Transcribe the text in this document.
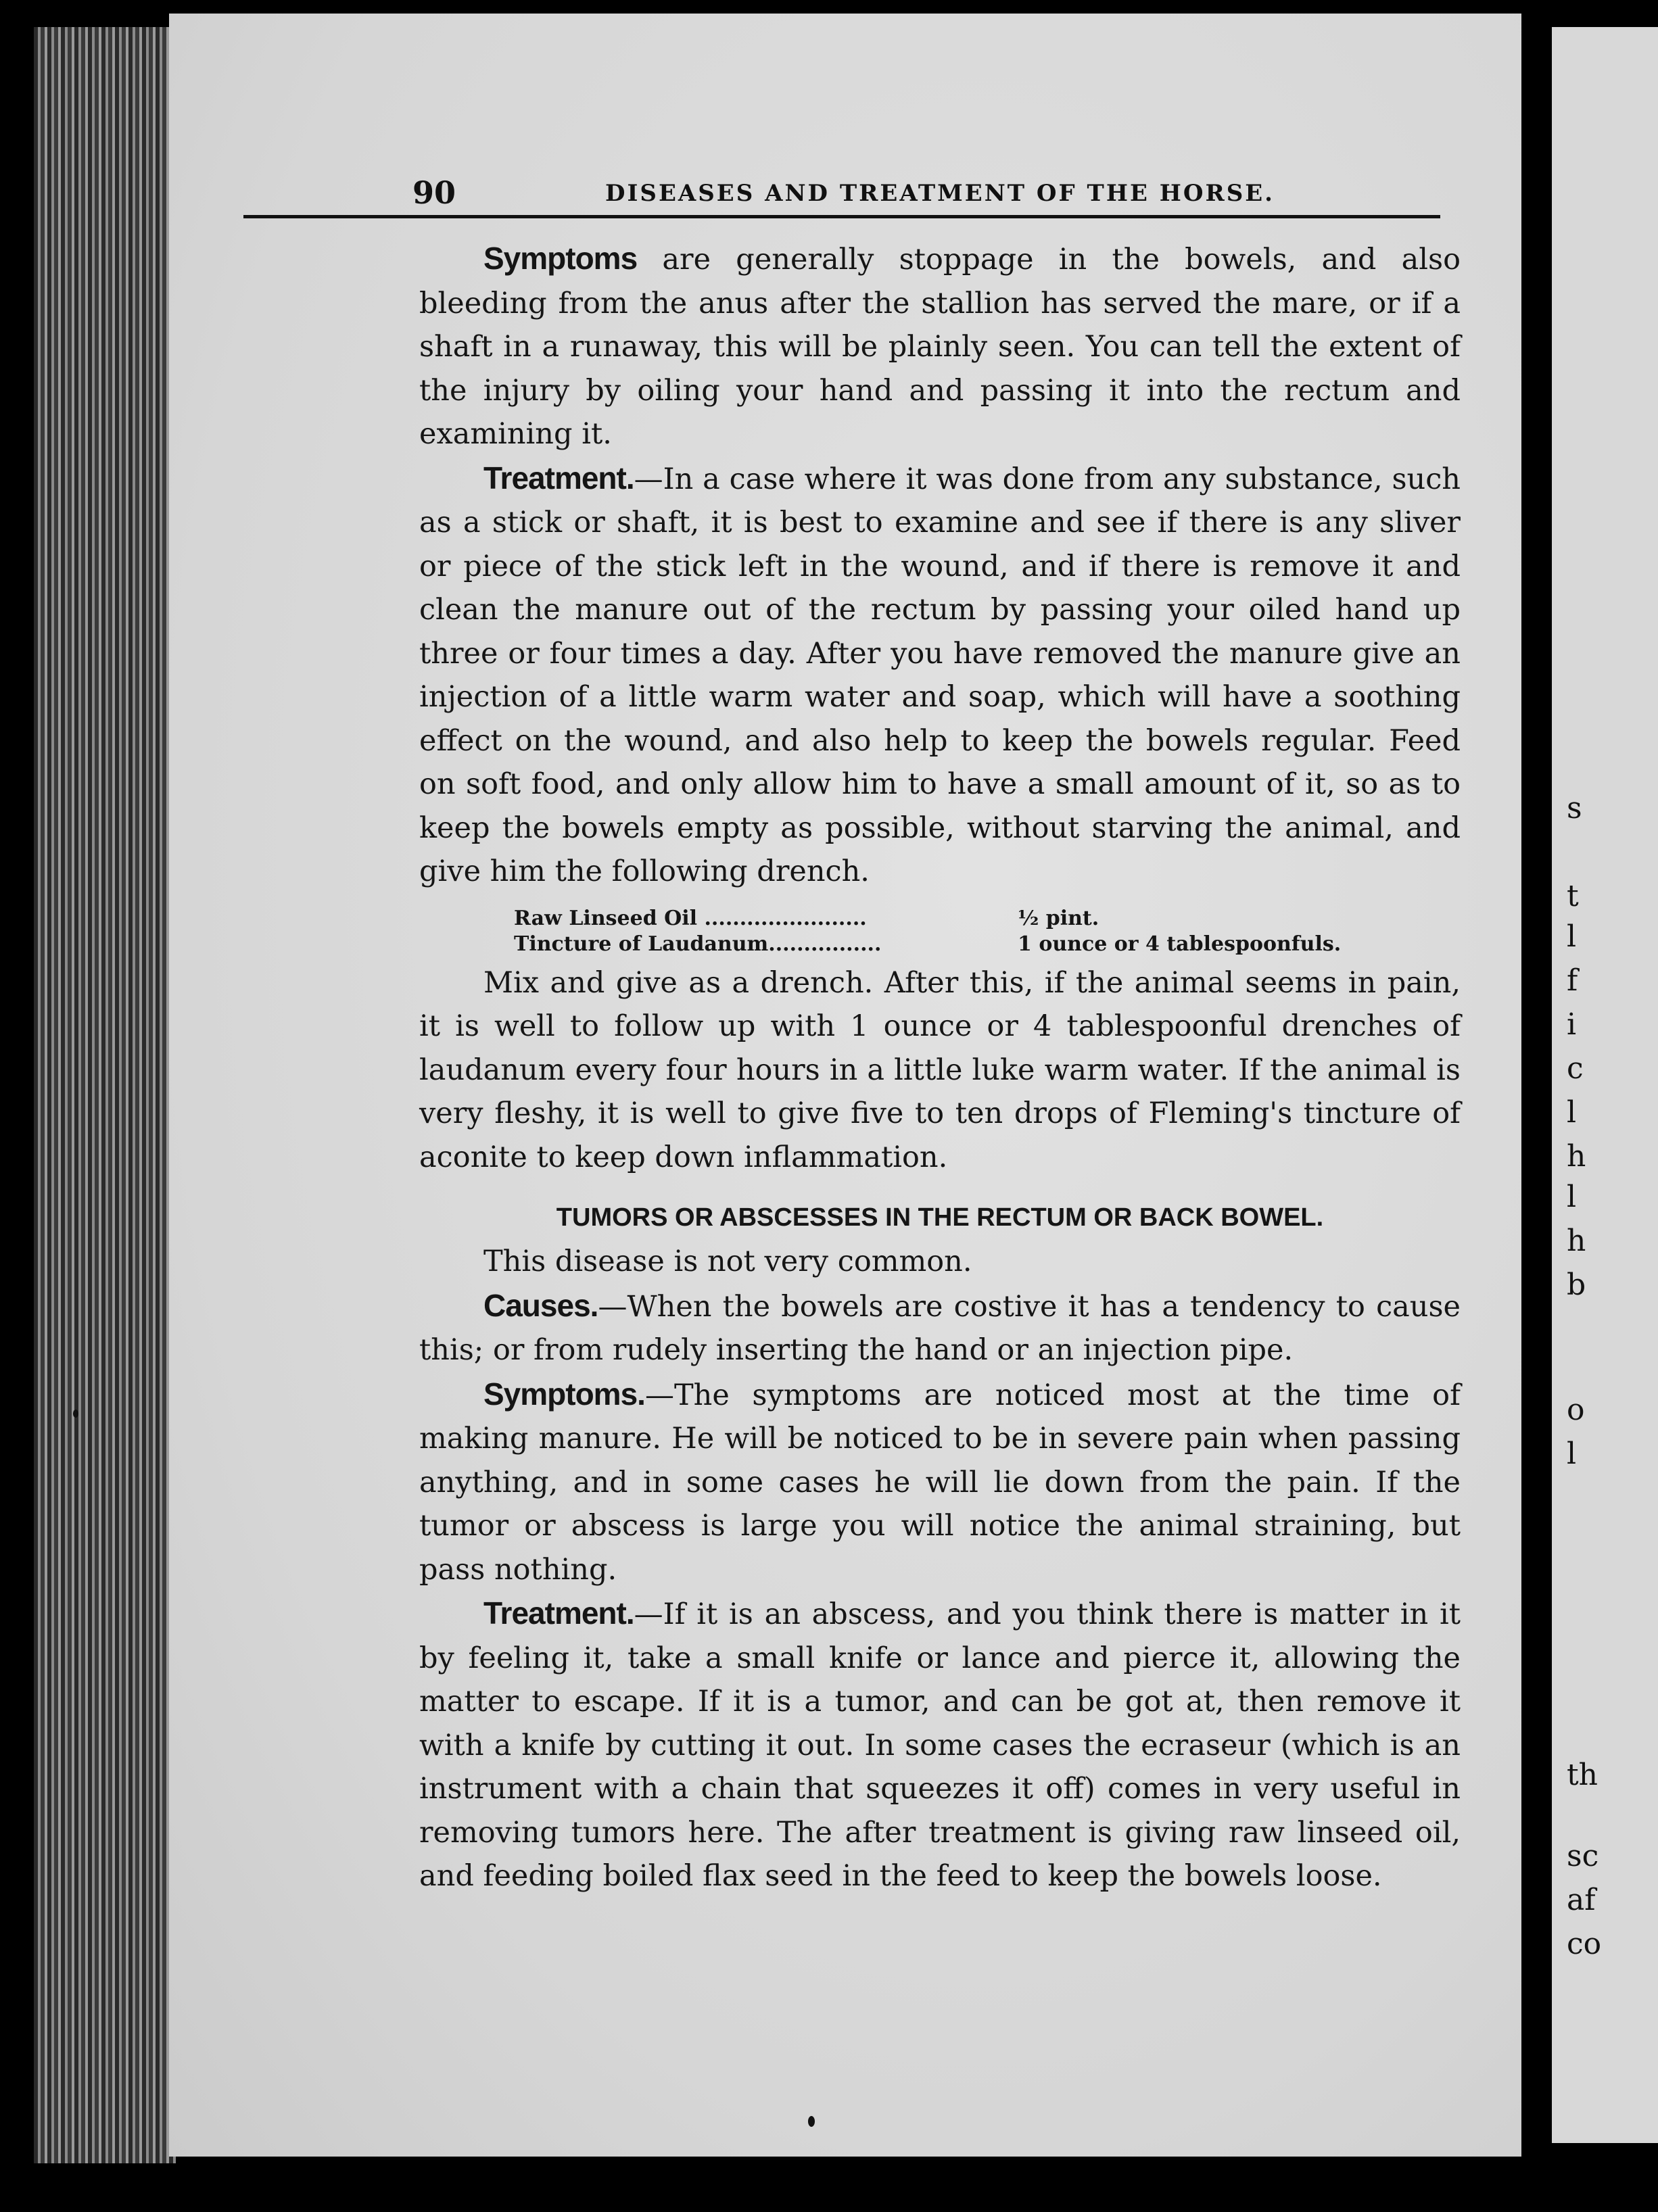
s
t
l
f
i
c
l
h
l
h
b
o
l
th
sc
af
co
90	DISEASES AND TREATMENT OF THE HORSE.

Symptoms are generally stoppage in the bowels, and also bleeding from the anus after the stallion has served the mare, or if a shaft in a runaway, this will be plainly seen. You can tell the extent of the injury by oiling your hand and passing it into the rectum and examining it.

Treatment.—In a case where it was done from any substance, such as a stick or shaft, it is best to examine and see if there is any sliver or piece of the stick left in the wound, and if there is remove it and clean the manure out of the rectum by passing your oiled hand up three or four times a day. After you have removed the manure give an injection of a little warm water and soap, which will have a soothing effect on the wound, and also help to keep the bowels regular. Feed on soft food, and only allow him to have a small amount of it, so as to keep the bowels empty as possible, without starving the animal, and give him the following drench.

Raw Linseed Oil .......................	½ pint.
Tincture of Laudanum................	1 ounce or 4 tablespoonfuls.

Mix and give as a drench. After this, if the animal seems in pain, it is well to follow up with 1 ounce or 4 tablespoonful drenches of laudanum every four hours in a little luke warm water. If the animal is very fleshy, it is well to give five to ten drops of Fleming's tincture of aconite to keep down inflammation.

TUMORS OR ABSCESSES IN THE RECTUM OR BACK BOWEL.

This disease is not very common.

Causes.—When the bowels are costive it has a tendency to cause this; or from rudely inserting the hand or an injection pipe.

Symptoms.—The symptoms are noticed most at the time of making manure. He will be noticed to be in severe pain when passing anything, and in some cases he will lie down from the pain. If the tumor or abscess is large you will notice the animal straining, but pass nothing.

Treatment.—If it is an abscess, and you think there is matter in it by feeling it, take a small knife or lance and pierce it, allowing the matter to escape. If it is a tumor, and can be got at, then remove it with a knife by cutting it out. In some cases the ecraseur (which is an instrument with a chain that squeezes it off) comes in very useful in removing tumors here. The after treatment is giving raw linseed oil, and feeding boiled flax seed in the feed to keep the bowels loose.
